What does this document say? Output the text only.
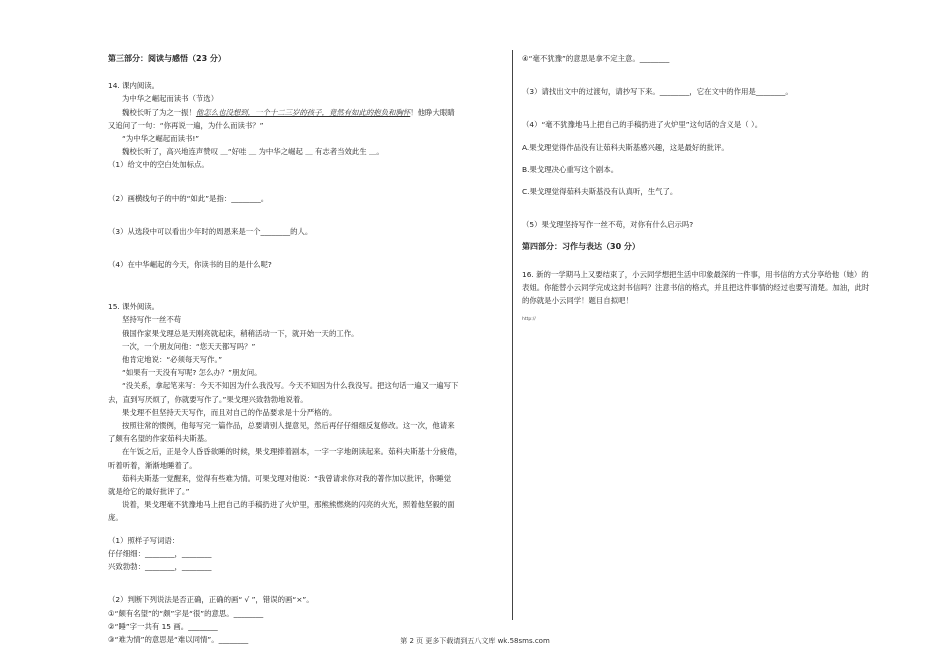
第三部分：阅读与感悟（23 分）

14. 课内阅读。

为中华之崛起而读书（节选）

魏校长听了为之一振！他怎么也没想到，一个十二三岁的孩子，竟然有如此的抱负和胸怀！他睁大眼睛

又追问了一句：“你再说一遍，为什么而读书？”

“为中华之崛起而读书!”

魏校长听了，高兴地连声赞叹 ＿“好哇 ＿ 为中华之崛起 ＿ 有志者当效此生 ＿。

（1）给文中的空白处加标点。

（2）画横线句子的中的“如此”是指：________。

（3）从选段中可以看出少年时的周恩来是一个________的人。

（4）在中华崛起的今天，你读书的目的是什么呢?

15. 课外阅读。

坚持写作一丝不苟

俄国作家果戈理总是天刚亮就起床，稍稍活动一下，就开始一天的工作。

一次，一个朋友问他：“您天天都写吗？”

他肯定地说：“必须每天写作。”

“如果有一天没有写呢? 怎么办？”朋友问。

“没关系，拿起笔来写：今天不知因为什么我没写。今天不知因为什么我没写。把这句话一遍又一遍写下

去，直到写厌烦了，你就要写作了。”果戈理兴致勃勃地说着。

果戈理不但坚持天天写作，而且对自己的作品要求是十分严格的。

按照往常的惯例，他每写完一篇作品，总要请别人提意见，然后再仔仔细细反复修改。这一次，他请来

了颇有名望的作家茹科夫斯基。

在午饭之后，正是令人昏昏欲睡的时候，果戈理捧着剧本，一字一字地朗读起来。茹科夫斯基十分疲倦，

听着听着，渐渐地睡着了。

茹科夫斯基一觉醒来，觉得有些难为情。可果戈理对他说：“我曾请求你对我的著作加以批评，你睡觉

就是给它的最好批评了。”

说着，果戈理毫不犹豫地马上把自己的手稿扔进了火炉里，那熊熊燃烧的闪亮的火光，照着他坚毅的面

庞。

（1）照样子写词语：

仔仔细细：________，________

兴致勃勃：________，________

（2）判断下列说法是否正确，正确的画“ √ ”，错误的画“×”。

①“颇有名望”的“颇”字是“很”的意思。________

②“睡”字一共有 15 画。________

③“难为情”的意思是“难以同情”。________

④“毫不犹豫”的意思是拿不定主意。________

（3）请找出文中的过渡句，请抄写下来。________，它在文中的作用是________。

（4）“毫不犹豫地马上把自己的手稿扔进了火炉里”这句话的含义是（ ）。

A.果戈理觉得作品没有让茹科夫斯基感兴趣，这是最好的批评。

B.果戈理决心重写这个剧本。

C.果戈理觉得茹科夫斯基没有认真听，生气了。

（5）果戈理坚持写作一丝不苟，对你有什么启示吗?

第四部分：习作与表达（30 分）

16. 新的一学期马上又要结束了，小云同学想把生活中印象最深的一件事，用书信的方式分享给他（她）的

表姐。你能替小云同学完成这封书信吗？注意书信的格式，并且把这件事情的经过也要写清楚。加油，此时

的你就是小云同学！题目自拟吧！

http://

第 2 页 更多下载请到五八文库 wk.58sms.com
